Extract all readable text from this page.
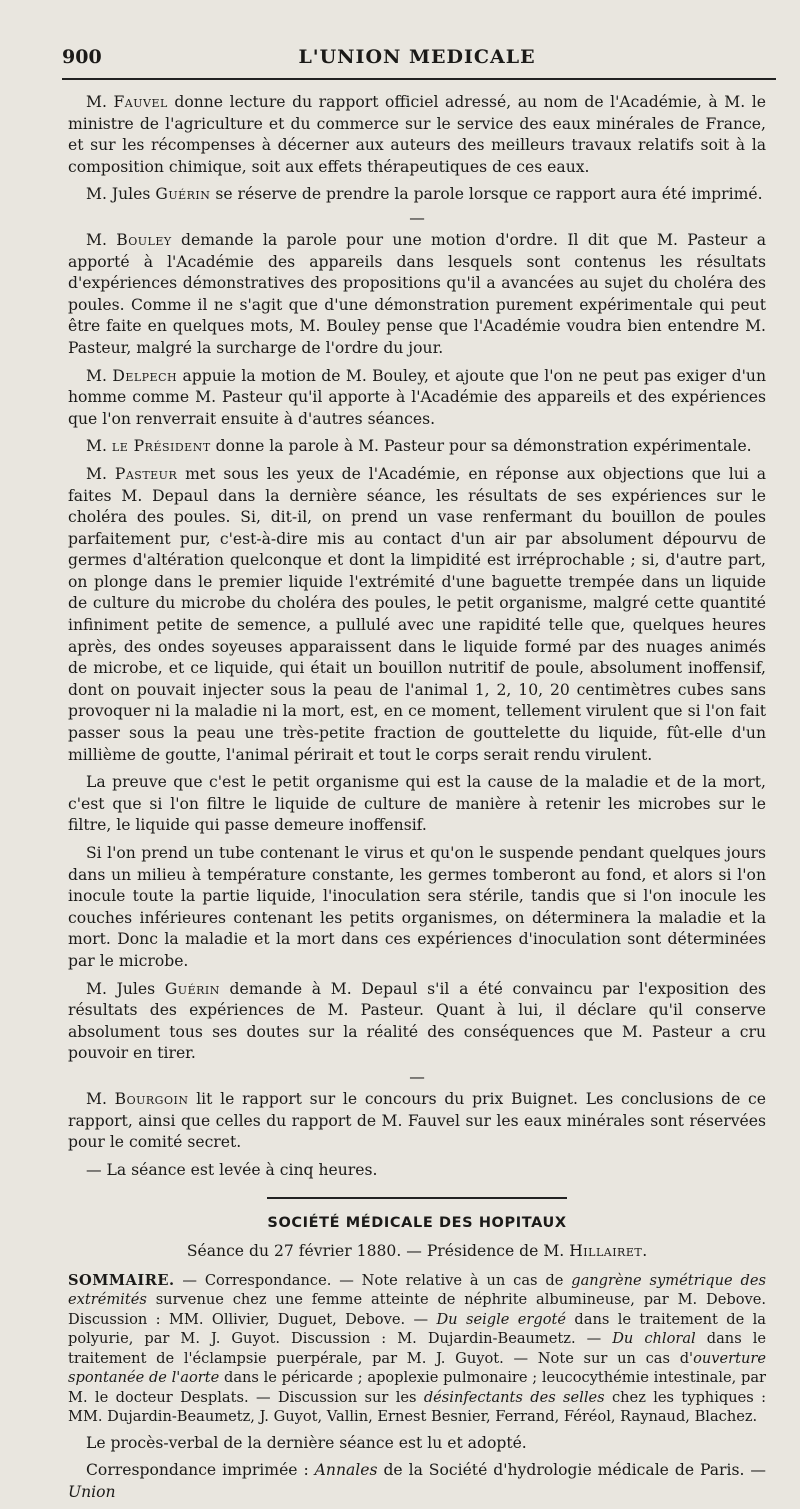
900	L'UNION MEDICALE

M. Fauvel donne lecture du rapport officiel adressé, au nom de l'Académie, à M. le ministre de l'agriculture et du commerce sur le service des eaux minérales de France, et sur les récompenses à décerner aux auteurs des meilleurs travaux relatifs soit à la composition chimique, soit aux effets thérapeutiques de ces eaux.

M. Jules Guérin se réserve de prendre la parole lorsque ce rapport aura été imprimé.

—

M. Bouley demande la parole pour une motion d'ordre. Il dit que M. Pasteur a apporté à l'Académie des appareils dans lesquels sont contenus les résultats d'expériences démonstratives des propositions qu'il a avancées au sujet du choléra des poules. Comme il ne s'agit que d'une démonstration purement expérimentale qui peut être faite en quelques mots, M. Bouley pense que l'Académie voudra bien entendre M. Pasteur, malgré la surcharge de l'ordre du jour.

M. Delpech appuie la motion de M. Bouley, et ajoute que l'on ne peut pas exiger d'un homme comme M. Pasteur qu'il apporte à l'Académie des appareils et des expériences que l'on renverrait ensuite à d'autres séances.

M. le Président donne la parole à M. Pasteur pour sa démonstration expérimentale.

M. Pasteur met sous les yeux de l'Académie, en réponse aux objections que lui a faites M. Depaul dans la dernière séance, les résultats de ses expériences sur le choléra des poules. Si, dit-il, on prend un vase renfermant du bouillon de poules parfaitement pur, c'est-à-dire mis au contact d'un air par absolument dépourvu de germes d'altération quelconque et dont la limpidité est irréprochable ; si, d'autre part, on plonge dans le premier liquide l'extrémité d'une baguette trempée dans un liquide de culture du microbe du choléra des poules, le petit organisme, malgré cette quantité infiniment petite de semence, a pullulé avec une rapidité telle que, quelques heures après, des ondes soyeuses apparaissent dans le liquide formé par des nuages animés de microbe, et ce liquide, qui était un bouillon nutritif de poule, absolument inoffensif, dont on pouvait injecter sous la peau de l'animal 1, 2, 10, 20 centimètres cubes sans provoquer ni la maladie ni la mort, est, en ce moment, tellement virulent que si l'on fait passer sous la peau une très-petite fraction de gouttelette du liquide, fût-elle d'un millième de goutte, l'animal périrait et tout le corps serait rendu virulent.

La preuve que c'est le petit organisme qui est la cause de la maladie et de la mort, c'est que si l'on filtre le liquide de culture de manière à retenir les microbes sur le filtre, le liquide qui passe demeure inoffensif.

Si l'on prend un tube contenant le virus et qu'on le suspende pendant quelques jours dans un milieu à température constante, les germes tomberont au fond, et alors si l'on inocule toute la partie liquide, l'inoculation sera stérile, tandis que si l'on inocule les couches inférieures contenant les petits organismes, on déterminera la maladie et la mort. Donc la maladie et la mort dans ces expériences d'inoculation sont déterminées par le microbe.

M. Jules Guérin demande à M. Depaul s'il a été convaincu par l'exposition des résultats des expériences de M. Pasteur. Quant à lui, il déclare qu'il conserve absolument tous ses doutes sur la réalité des conséquences que M. Pasteur a cru pouvoir en tirer.

—

M. Bourgoin lit le rapport sur le concours du prix Buignet. Les conclusions de ce rapport, ainsi que celles du rapport de M. Fauvel sur les eaux minérales sont réservées pour le comité secret.

— La séance est levée à cinq heures.

SOCIÉTÉ MÉDICALE DES HOPITAUX
Séance du 27 février 1880. — Présidence de M. Hillairet.

SOMMAIRE. — Correspondance. — Note relative à un cas de gangrène symétrique des extrémités survenue chez une femme atteinte de néphrite albumineuse, par M. Debove. Discussion : MM. Ollivier, Duguet, Debove. — Du seigle ergoté dans le traitement de la polyurie, par M. J. Guyot. Discussion : M. Dujardin-Beaumetz. — Du chloral dans le traitement de l'éclampsie puerpérale, par M. J. Guyot. — Note sur un cas d'ouverture spontanée de l'aorte dans le péricarde ; apoplexie pulmonaire ; leucocythémie intestinale, par M. le docteur Desplats. — Discussion sur les désinfectants des selles chez les typhiques : MM. Dujardin-Beaumetz, J. Guyot, Vallin, Ernest Besnier, Ferrand, Féréol, Raynaud, Blachez.

Le procès-verbal de la dernière séance est lu et adopté.

Correspondance imprimée : Annales de la Société d'hydrologie médicale de Paris. — Union
